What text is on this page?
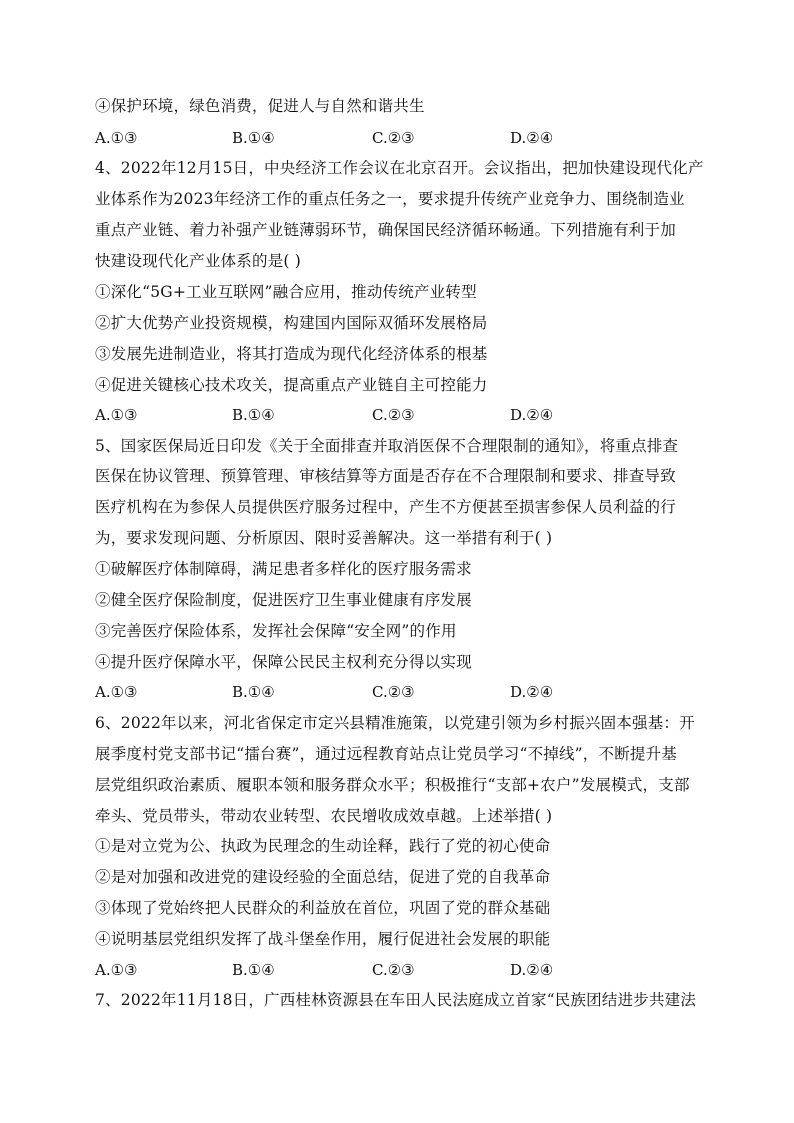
④保护环境，绿色消费，促进人与自然和谐共生
A.①③	B.①④	C.②③	D.②④
4、2022年12月15日，中央经济工作会议在北京召开。会议指出，把加快建设现代化产
业体系作为2023年经济工作的重点任务之一，要求提升传统产业竞争力、围绕制造业
重点产业链、着力补强产业链薄弱环节，确保国民经济循环畅通。下列措施有利于加
快建设现代化产业体系的是( )
①深化“5G+工业互联网”融合应用，推动传统产业转型
②扩大优势产业投资规模，构建国内国际双循环发展格局
③发展先进制造业，将其打造成为现代化经济体系的根基
④促进关键核心技术攻关，提高重点产业链自主可控能力
A.①③	B.①④	C.②③	D.②④
5、国家医保局近日印发《关于全面排查并取消医保不合理限制的通知》，将重点排查
医保在协议管理、预算管理、审核结算等方面是否存在不合理限制和要求、排查导致
医疗机构在为参保人员提供医疗服务过程中，产生不方便甚至损害参保人员利益的行
为，要求发现问题、分析原因、限时妥善解决。这一举措有利于( )
①破解医疗体制障碍，满足患者多样化的医疗服务需求
②健全医疗保险制度，促进医疗卫生事业健康有序发展
③完善医疗保险体系，发挥社会保障“安全网”的作用
④提升医疗保障水平，保障公民民主权利充分得以实现
A.①③	B.①④	C.②③	D.②④
6、2022年以来，河北省保定市定兴县精准施策，以党建引领为乡村振兴固本强基：开
展季度村党支部书记“擂台赛”，通过远程教育站点让党员学习“不掉线”，不断提升基
层党组织政治素质、履职本领和服务群众水平；积极推行“支部+农户”发展模式，支部
牵头、党员带头，带动农业转型、农民增收成效卓越。上述举措( )
①是对立党为公、执政为民理念的生动诠释，践行了党的初心使命
②是对加强和改进党的建设经验的全面总结，促进了党的自我革命
③体现了党始终把人民群众的利益放在首位，巩固了党的群众基础
④说明基层党组织发挥了战斗堡垒作用，履行促进社会发展的职能
A.①③	B.①④	C.②③	D.②④
7、2022年11月18日，广西桂林资源县在车田人民法庭成立首家“民族团结进步共建法
